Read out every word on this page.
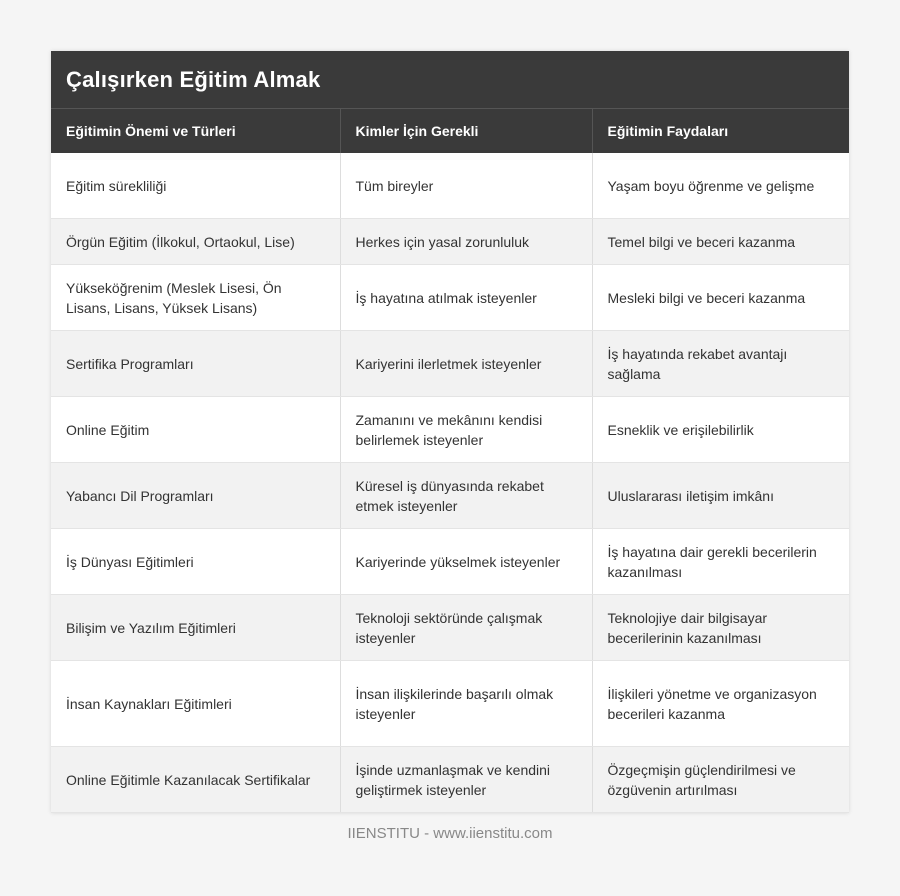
Çalışırken Eğitim Almak
Eğitimin Önemi ve Türleri	Kimler İçin Gerekli	Eğitimin Faydaları
Eğitim sürekliliği	Tüm bireyler	Yaşam boyu öğrenme ve gelişme
Örgün Eğitim (İlkokul, Ortaokul, Lise)	Herkes için yasal zorunluluk	Temel bilgi ve beceri kazanma
Yükseköğrenim (Meslek Lisesi, Ön Lisans, Lisans, Yüksek Lisans)	İş hayatına atılmak isteyenler	Mesleki bilgi ve beceri kazanma
Sertifika Programları	Kariyerini ilerletmek isteyenler	İş hayatında rekabet avantajı sağlama
Online Eğitim	Zamanını ve mekânını kendisi belirlemek isteyenler	Esneklik ve erişilebilirlik
Yabancı Dil Programları	Küresel iş dünyasında rekabet etmek isteyenler	Uluslararası iletişim imkânı
İş Dünyası Eğitimleri	Kariyerinde yükselmek isteyenler	İş hayatına dair gerekli becerilerin kazanılması
Bilişim ve Yazılım Eğitimleri	Teknoloji sektöründe çalışmak isteyenler	Teknolojiye dair bilgisayar becerilerinin kazanılması
İnsan Kaynakları Eğitimleri	İnsan ilişkilerinde başarılı olmak isteyenler	İlişkileri yönetme ve organizasyon becerileri kazanma
Online Eğitimle Kazanılacak Sertifikalar	İşinde uzmanlaşmak ve kendini geliştirmek isteyenler	Özgeçmişin güçlendirilmesi ve özgüvenin artırılması
IIENSTITU - www.iienstitu.com
